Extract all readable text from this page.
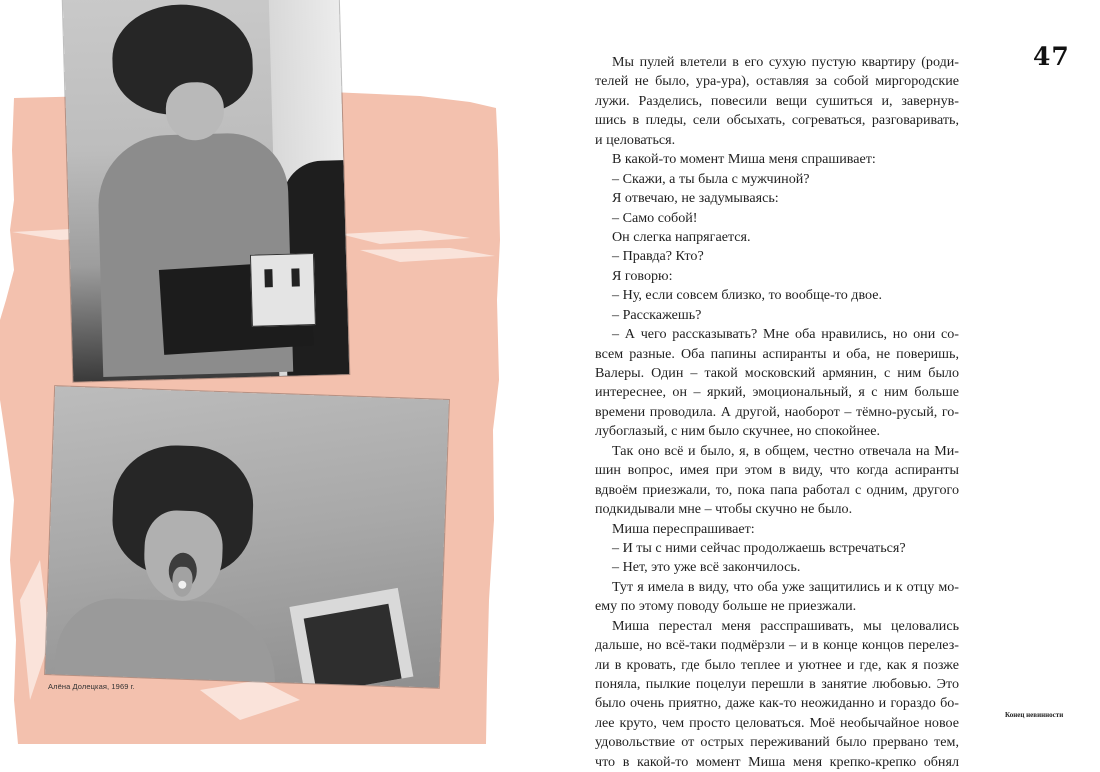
Алёна Долецкая, 1969 г.
47
Мы пулей влетели в его сухую пустую квартиру (роди-
телей не было, ура-ура), оставляя за собой миргородские
лужи. Разделись, повесили вещи сушиться и, завернув-
шись в пледы, сели обсыхать, согреваться, разговаривать,
и целоваться.
В какой-то момент Миша меня спрашивает:
– Скажи, а ты была с мужчиной?
Я отвечаю, не задумываясь:
– Само собой!
Он слегка напрягается.
– Правда? Кто?
Я говорю:
– Ну, если совсем близко, то вообще-то двое.
– Расскажешь?
– А чего рассказывать? Мне оба нравились, но они со-
всем разные. Оба папины аспиранты и оба, не поверишь,
Валеры. Один – такой московский армянин, с ним было
интереснее, он – яркий, эмоциональный, я с ним больше
времени проводила. А другой, наоборот – тёмно-русый, го-
лубоглазый, с ним было скучнее, но спокойнее.
Так оно всё и было, я, в общем, честно отвечала на Ми-
шин вопрос, имея при этом в виду, что когда аспиранты
вдвоём приезжали, то, пока папа работал с одним, другого
подкидывали мне – чтобы скучно не было.
Миша переспрашивает:
– И ты с ними сейчас продолжаешь встречаться?
– Нет, это уже всё закончилось.
Тут я имела в виду, что оба уже защитились и к отцу мо-
ему по этому поводу больше не приезжали.
Миша перестал меня расспрашивать, мы целовались
дальше, но всё-таки подмёрзли – и в конце концов перелез-
ли в кровать, где было теплее и уютнее и где, как я позже
поняла, пылкие поцелуи перешли в занятие любовью. Это
было очень приятно, даже как-то неожиданно и гораздо бо-
лее круто, чем просто целоваться. Моё необычайное новое
удовольствие от острых переживаний было прервано тем,
что в какой-то момент Миша меня крепко-крепко обнял
Конец невинности
